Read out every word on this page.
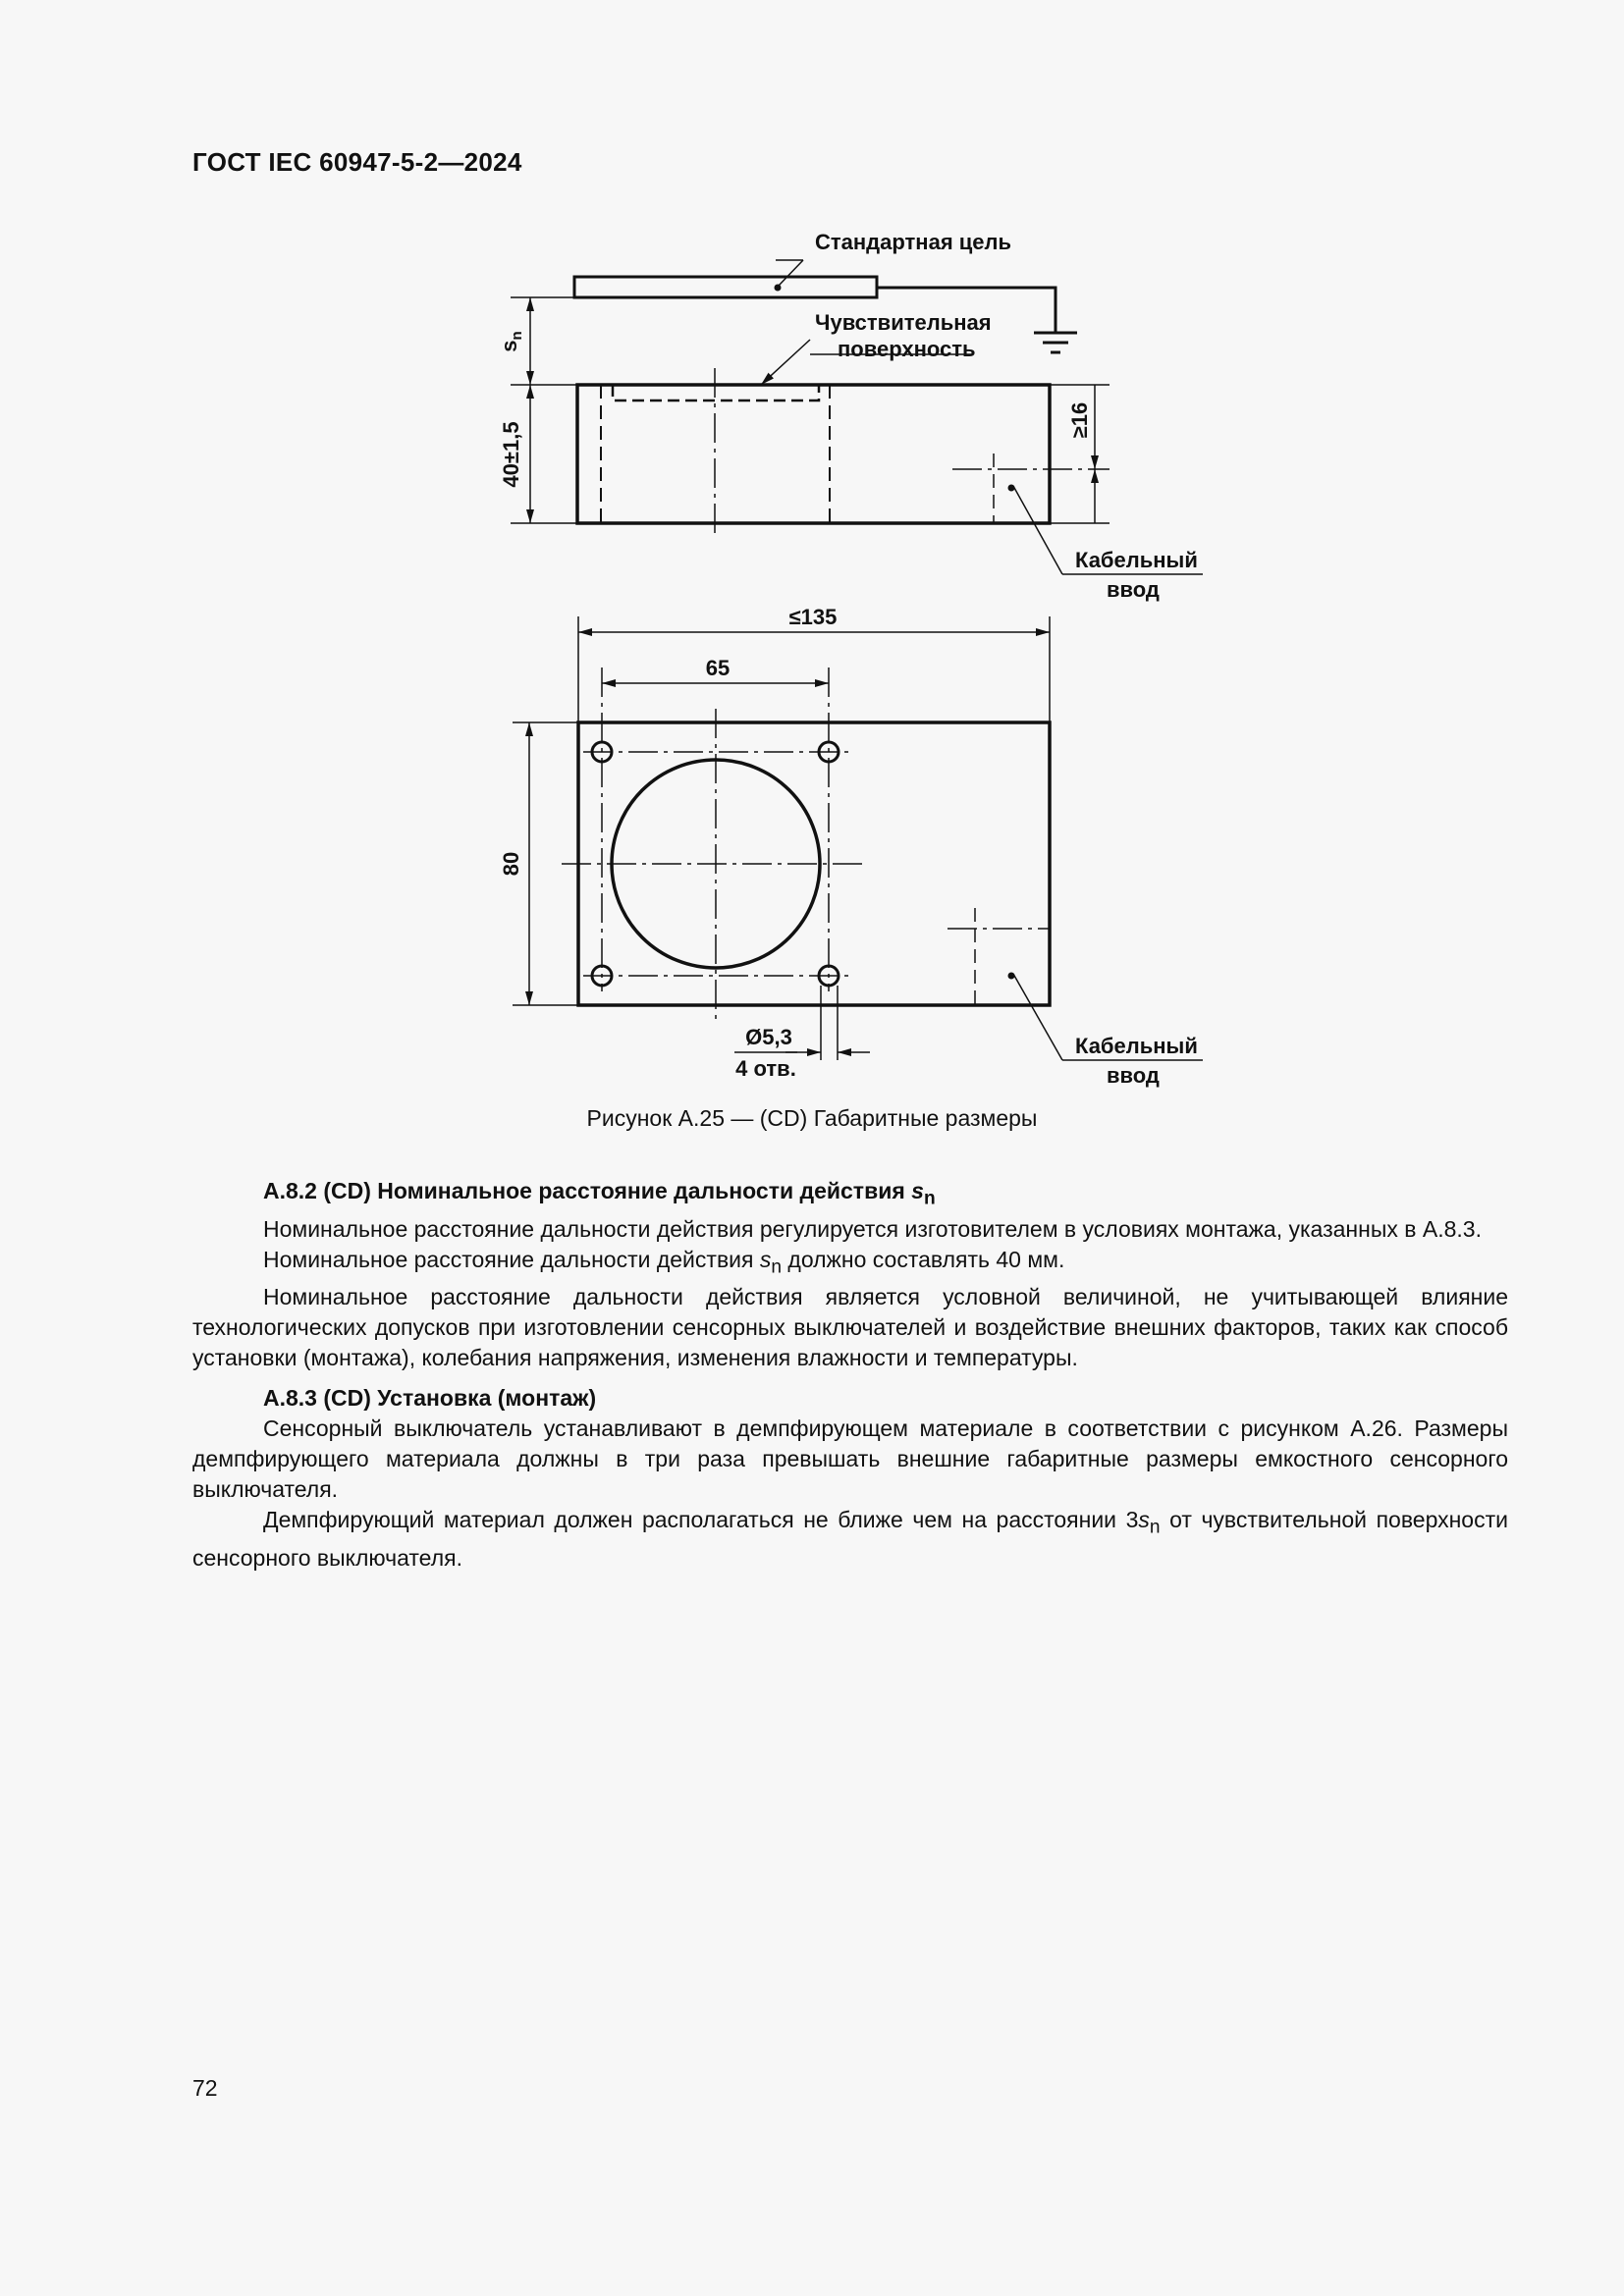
ГОСТ IEC 60947-5-2—2024
Стандартная цель
Чувствительная
поверхность
Кабельный
ввод
$s_n$
40±1,5
≥16
≤135
65
80
Ø5,3
4 отв.
Кабельный
ввод
Рисунок А.25 — (CD) Габаритные размеры
А.8.2 (CD) Номинальное расстояние дальности действия $s_n$

Номинальное расстояние дальности действия регулируется изготовителем в условиях монтажа, указанных в А.8.3.

Номинальное расстояние дальности действия $s_n$ должно составлять 40 мм.

Номинальное расстояние дальности действия является условной величиной, не учитывающей влияние технологических допусков при изготовлении сенсорных выключателей и воздействие внешних факторов, таких как способ установки (монтажа), колебания напряжения, изменения влажности и температуры.

А.8.3 (CD) Установка (монтаж)

Сенсорный выключатель устанавливают в демпфирующем материале в соответствии с рисунком А.26. Размеры демпфирующего материала должны в три раза превышать внешние габаритные размеры емкостного сенсорного выключателя.

Демпфирующий материал должен располагаться не ближе чем на расстоянии $3s_n$ от чувствительной поверхности сенсорного выключателя.

72
